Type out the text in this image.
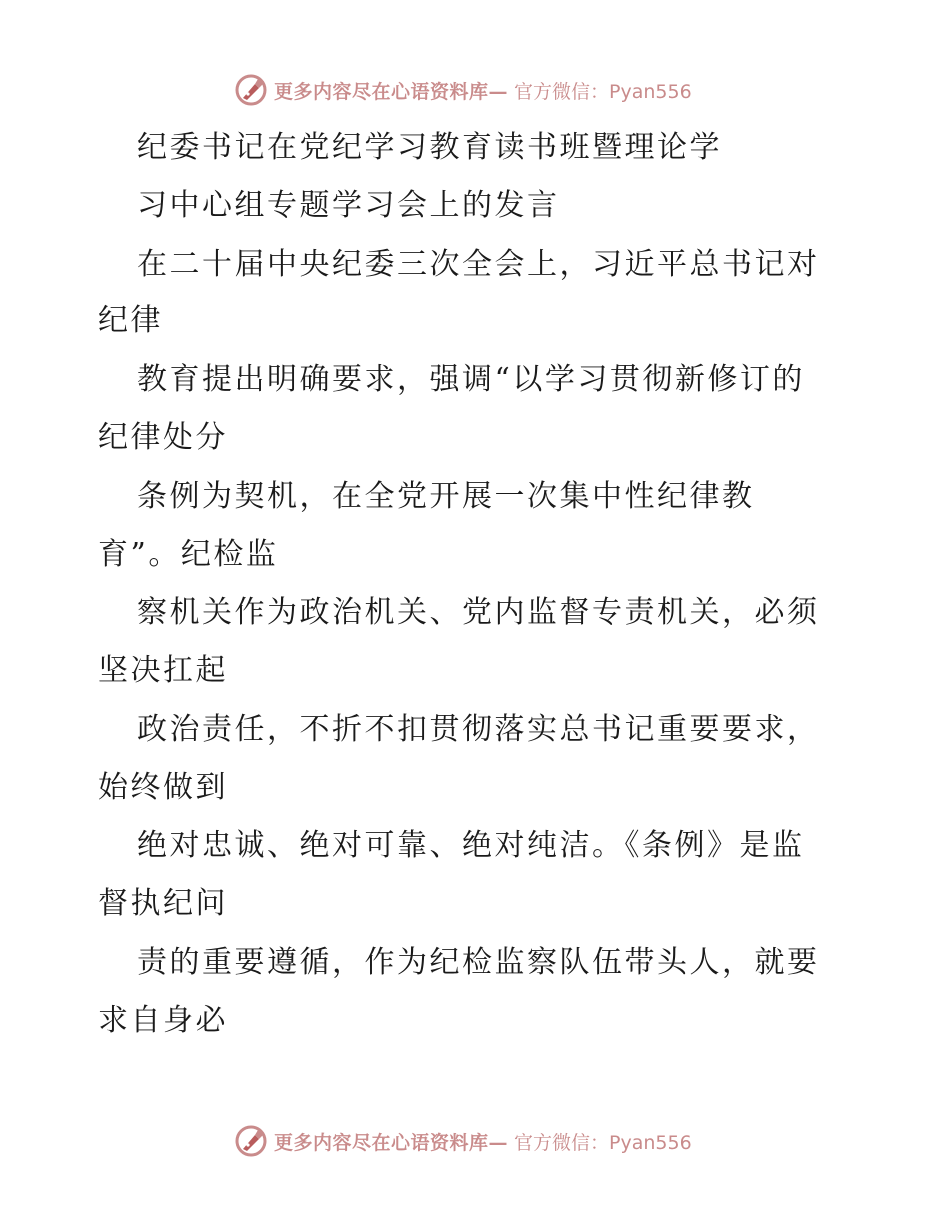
更多内容尽在心语资料库— 官方微信：Pyan556
纪委书记在党纪学习教育读书班暨理论学
习中心组专题学习会上的发言
在二十届中央纪委三次全会上，习近平总书记对
纪律
教育提出明确要求，强调“以学习贯彻新修订的
纪律处分
条例为契机，在全党开展一次集中性纪律教
育”。纪检监
察机关作为政治机关、党内监督专责机关，必须
坚决扛起
政治责任，不折不扣贯彻落实总书记重要要求，
始终做到
绝对忠诚、绝对可靠、绝对纯洁。《条例》是监
督执纪问
责的重要遵循，作为纪检监察队伍带头人，就要
求自身必
更多内容尽在心语资料库— 官方微信：Pyan556
